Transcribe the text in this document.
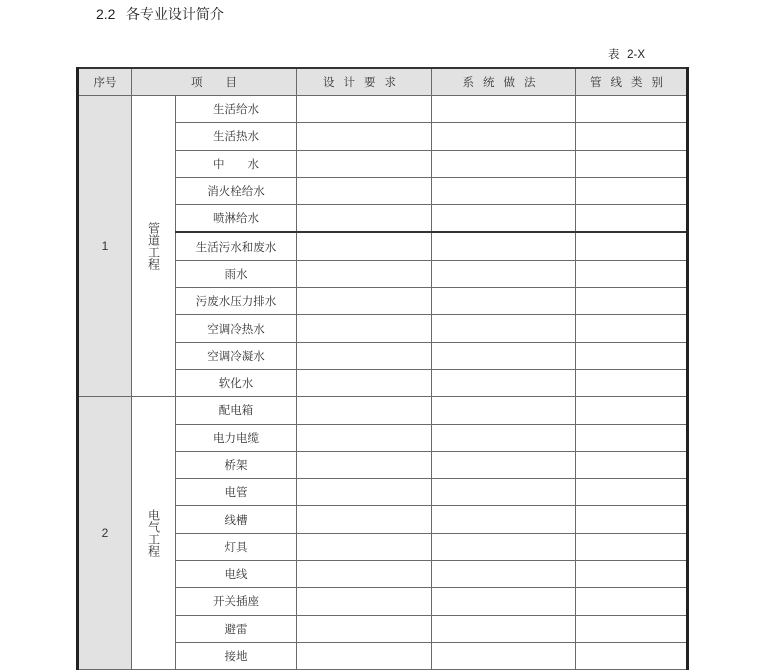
2.2 各专业设计简介
表 2-X
序号	项　　目		设计要求	系统做法	管线类别
1	管道工程	生活给水			
		生活热水			
		中　　水			
		消火栓给水			
		喷淋给水			
		生活污水和废水			
		雨水			
		污废水压力排水			
		空调冷热水			
		空调冷凝水			
		软化水			
2	电气工程	配电箱			
		电力电缆			
		桥架			
		电管			
		线槽			
		灯具			
		电线			
		开关插座			
		避雷			
		接地			
